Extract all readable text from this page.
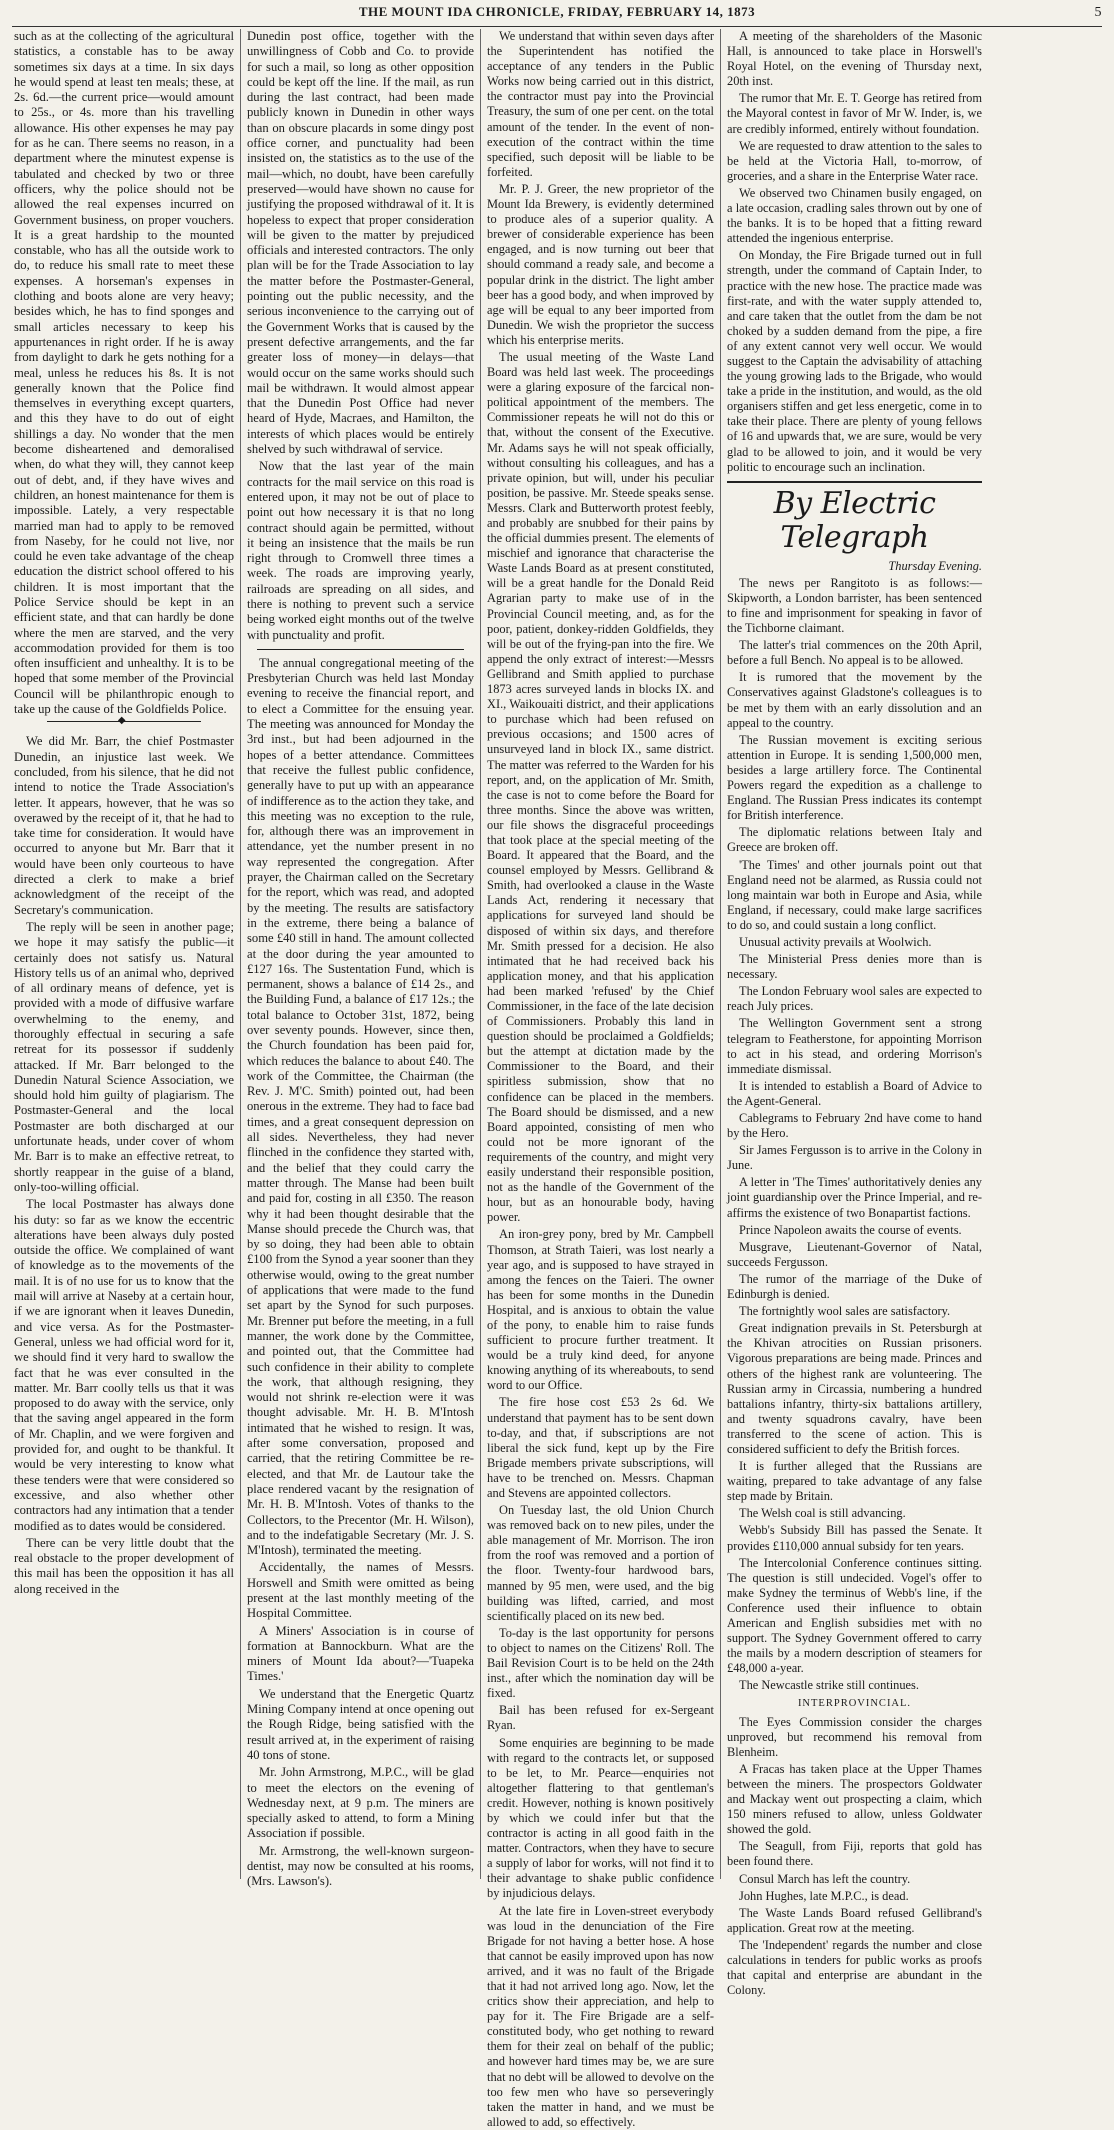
THE MOUNT IDA CHRONICLE, FRIDAY, FEBRUARY 14, 1873	5

such as at the collecting of the agricultural statistics, a constable has to be away sometimes six days at a time. In six days he would spend at least ten meals; these, at 2s. 6d.—the current price—would amount to 25s., or 4s. more than his travelling allowance. His other expenses he may pay for as he can. There seems no reason, in a department where the minutest expense is tabulated and checked by two or three officers, why the police should not be allowed the real expenses incurred on Government business, on proper vouchers. It is a great hardship to the mounted constable, who has all the outside work to do, to reduce his small rate to meet these expenses. A horseman's expenses in clothing and boots alone are very heavy; besides which, he has to find sponges and small articles necessary to keep his appurtenances in right order. If he is away from daylight to dark he gets nothing for a meal, unless he reduces his 8s. It is not generally known that the Police find themselves in everything except quarters, and this they have to do out of eight shillings a day. No wonder that the men become disheartened and demoralised when, do what they will, they cannot keep out of debt, and, if they have wives and children, an honest maintenance for them is impossible. Lately, a very respectable married man had to apply to be removed from Naseby, for he could not live, nor could he even take advantage of the cheap education the district school offered to his children. It is most important that the Police Service should be kept in an efficient state, and that can hardly be done where the men are starved, and the very accommodation provided for them is too often insufficient and unhealthy. It is to be hoped that some member of the Provincial Council will be philanthropic enough to take up the cause of the Goldfields Police.

◆

We did Mr. Barr, the chief Postmaster Dunedin, an injustice last week. We concluded, from his silence, that he did not intend to notice the Trade Association's letter. It appears, however, that he was so overawed by the receipt of it, that he had to take time for consideration. It would have occurred to anyone but Mr. Barr that it would have been only courteous to have directed a clerk to make a brief acknowledgment of the receipt of the Secretary's communication.

The reply will be seen in another page; we hope it may satisfy the public—it certainly does not satisfy us. Natural History tells us of an animal who, deprived of all ordinary means of defence, yet is provided with a mode of diffusive warfare overwhelming to the enemy, and thoroughly effectual in securing a safe retreat for its possessor if suddenly attacked. If Mr. Barr belonged to the Dunedin Natural Science Association, we should hold him guilty of plagiarism. The Postmaster-General and the local Postmaster are both discharged at our unfortunate heads, under cover of whom Mr. Barr is to make an effective retreat, to shortly reappear in the guise of a bland, only-too-willing official.

The local Postmaster has always done his duty: so far as we know the eccentric alterations have been always duly posted outside the office. We complained of want of knowledge as to the movements of the mail. It is of no use for us to know that the mail will arrive at Naseby at a certain hour, if we are ignorant when it leaves Dunedin, and vice versa. As for the Postmaster-General, unless we had official word for it, we should find it very hard to swallow the fact that he was ever consulted in the matter. Mr. Barr coolly tells us that it was proposed to do away with the service, only that the saving angel appeared in the form of Mr. Chaplin, and we were forgiven and provided for, and ought to be thankful. It would be very interesting to know what these tenders were that were considered so excessive, and also whether other contractors had any intimation that a tender modified as to dates would be considered.

There can be very little doubt that the real obstacle to the proper development of this mail has been the opposition it has all along received in the

Dunedin post office, together with the unwillingness of Cobb and Co. to provide for such a mail, so long as other opposition could be kept off the line. If the mail, as run during the last contract, had been made publicly known in Dunedin in other ways than on obscure placards in some dingy post office corner, and punctuality had been insisted on, the statistics as to the use of the mail—which, no doubt, have been carefully preserved—would have shown no cause for justifying the proposed withdrawal of it. It is hopeless to expect that proper consideration will be given to the matter by prejudiced officials and interested contractors. The only plan will be for the Trade Association to lay the matter before the Postmaster-General, pointing out the public necessity, and the serious inconvenience to the carrying out of the Government Works that is caused by the present defective arrangements, and the far greater loss of money—in delays—that would occur on the same works should such mail be withdrawn. It would almost appear that the Dunedin Post Office had never heard of Hyde, Macraes, and Hamilton, the interests of which places would be entirely shelved by such withdrawal of service.

Now that the last year of the main contracts for the mail service on this road is entered upon, it may not be out of place to point out how necessary it is that no long contract should again be permitted, without it being an insistence that the mails be run right through to Cromwell three times a week. The roads are improving yearly, railroads are spreading on all sides, and there is nothing to prevent such a service being worked eight months out of the twelve with punctuality and profit.

The annual congregational meeting of the Presbyterian Church was held last Monday evening to receive the financial report, and to elect a Committee for the ensuing year. The meeting was announced for Monday the 3rd inst., but had been adjourned in the hopes of a better attendance. Committees that receive the fullest public confidence, generally have to put up with an appearance of indifference as to the action they take, and this meeting was no exception to the rule, for, although there was an improvement in attendance, yet the number present in no way represented the congregation. After prayer, the Chairman called on the Secretary for the report, which was read, and adopted by the meeting. The results are satisfactory in the extreme, there being a balance of some £40 still in hand. The amount collected at the door during the year amounted to £127 16s. The Sustentation Fund, which is permanent, shows a balance of £14 2s., and the Building Fund, a balance of £17 12s.; the total balance to October 31st, 1872, being over seventy pounds. However, since then, the Church foundation has been paid for, which reduces the balance to about £40. The work of the Committee, the Chairman (the Rev. J. M'C. Smith) pointed out, had been onerous in the extreme. They had to face bad times, and a great consequent depression on all sides. Nevertheless, they had never flinched in the confidence they started with, and the belief that they could carry the matter through. The Manse had been built and paid for, costing in all £350. The reason why it had been thought desirable that the Manse should precede the Church was, that by so doing, they had been able to obtain £100 from the Synod a year sooner than they otherwise would, owing to the great number of applications that were made to the fund set apart by the Synod for such purposes. Mr. Brenner put before the meeting, in a full manner, the work done by the Committee, and pointed out, that the Committee had such confidence in their ability to complete the work, that although resigning, they would not shrink re-election were it was thought advisable. Mr. H. B. M'Intosh intimated that he wished to resign. It was, after some conversation, proposed and carried, that the retiring Committee be re-elected, and that Mr. de Lautour take the place rendered vacant by the resignation of Mr. H. B. M'Intosh. Votes of thanks to the Collectors, to the Precentor (Mr. H. Wilson), and to the indefatigable Secretary (Mr. J. S. M'Intosh), terminated the meeting.

Accidentally, the names of Messrs. Horswell and Smith were omitted as being present at the last monthly meeting of the Hospital Committee.

A Miners' Association is in course of formation at Bannockburn. What are the miners of Mount Ida about?—'Tuapeka Times.'

We understand that the Energetic Quartz Mining Company intend at once opening out the Rough Ridge, being satisfied with the result arrived at, in the experiment of raising 40 tons of stone.

Mr. John Armstrong, M.P.C., will be glad to meet the electors on the evening of Wednesday next, at 9 p.m. The miners are specially asked to attend, to form a Mining Association if possible.

Mr. Armstrong, the well-known surgeon-dentist, may now be consulted at his rooms, (Mrs. Lawson's).

We understand that within seven days after the Superintendent has notified the acceptance of any tenders in the Public Works now being carried out in this district, the contractor must pay into the Provincial Treasury, the sum of one per cent. on the total amount of the tender. In the event of non-execution of the contract within the time specified, such deposit will be liable to be forfeited.

Mr. P. J. Greer, the new proprietor of the Mount Ida Brewery, is evidently determined to produce ales of a superior quality. A brewer of considerable experience has been engaged, and is now turning out beer that should command a ready sale, and become a popular drink in the district. The light amber beer has a good body, and when improved by age will be equal to any beer imported from Dunedin. We wish the proprietor the success which his enterprise merits.

The usual meeting of the Waste Land Board was held last week. The proceedings were a glaring exposure of the farcical non-political appointment of the members. The Commissioner repeats he will not do this or that, without the consent of the Executive. Mr. Adams says he will not speak officially, without consulting his colleagues, and has a private opinion, but will, under his peculiar position, be passive. Mr. Steede speaks sense. Messrs. Clark and Butterworth protest feebly, and probably are snubbed for their pains by the official dummies present. The elements of mischief and ignorance that characterise the Waste Lands Board as at present constituted, will be a great handle for the Donald Reid Agrarian party to make use of in the Provincial Council meeting, and, as for the poor, patient, donkey-ridden Goldfields, they will be out of the frying-pan into the fire. We append the only extract of interest:—Messrs Gellibrand and Smith applied to purchase 1873 acres surveyed lands in blocks IX. and XI., Waikouaiti district, and their applications to purchase which had been refused on previous occasions; and 1500 acres of unsurveyed land in block IX., same district. The matter was referred to the Warden for his report, and, on the application of Mr. Smith, the case is not to come before the Board for three months. Since the above was written, our file shows the disgraceful proceedings that took place at the special meeting of the Board. It appeared that the Board, and the counsel employed by Messrs. Gellibrand & Smith, had overlooked a clause in the Waste Lands Act, rendering it necessary that applications for surveyed land should be disposed of within six days, and therefore Mr. Smith pressed for a decision. He also intimated that he had received back his application money, and that his application had been marked 'refused' by the Chief Commissioner, in the face of the late decision of Commissioners. Probably this land in question should be proclaimed a Goldfields; but the attempt at dictation made by the Commissioner to the Board, and their spiritless submission, show that no confidence can be placed in the members. The Board should be dismissed, and a new Board appointed, consisting of men who could not be more ignorant of the requirements of the country, and might very easily understand their responsible position, not as the handle of the Government of the hour, but as an honourable body, having power.

An iron-grey pony, bred by Mr. Campbell Thomson, at Strath Taieri, was lost nearly a year ago, and is supposed to have strayed in among the fences on the Taieri. The owner has been for some months in the Dunedin Hospital, and is anxious to obtain the value of the pony, to enable him to raise funds sufficient to procure further treatment. It would be a truly kind deed, for anyone knowing anything of its whereabouts, to send word to our Office.

The fire hose cost £53 2s 6d. We understand that payment has to be sent down to-day, and that, if subscriptions are not liberal the sick fund, kept up by the Fire Brigade members private subscriptions, will have to be trenched on. Messrs. Chapman and Stevens are appointed collectors.

On Tuesday last, the old Union Church was removed back on to new piles, under the able management of Mr. Morrison. The iron from the roof was removed and a portion of the floor. Twenty-four hardwood bars, manned by 95 men, were used, and the big building was lifted, carried, and most scientifically placed on its new bed.

To-day is the last opportunity for persons to object to names on the Citizens' Roll. The Bail Revision Court is to be held on the 24th inst., after which the nomination day will be fixed.

Bail has been refused for ex-Sergeant Ryan.

Some enquiries are beginning to be made with regard to the contracts let, or supposed to be let, to Mr. Pearce—enquiries not altogether flattering to that gentleman's credit. However, nothing is known positively by which we could infer but that the contractor is acting in all good faith in the matter. Contractors, when they have to secure a supply of labor for works, will not find it to their advantage to shake public confidence by injudicious delays.

At the late fire in Loven-street everybody was loud in the denunciation of the Fire Brigade for not having a better hose. A hose that cannot be easily improved upon has now arrived, and it was no fault of the Brigade that it had not arrived long ago. Now, let the critics show their appreciation, and help to pay for it. The Fire Brigade are a self-constituted body, who get nothing to reward them for their zeal on behalf of the public; and however hard times may be, we are sure that no debt will be allowed to devolve on the too few men who have so perseveringly taken the matter in hand, and we must be allowed to add, so effectively.

A meeting of the shareholders of the Masonic Hall, is announced to take place in Horswell's Royal Hotel, on the evening of Thursday next, 20th inst.

The rumor that Mr. E. T. George has retired from the Mayoral contest in favor of Mr W. Inder, is, we are credibly informed, entirely without foundation.

We are requested to draw attention to the sales to be held at the Victoria Hall, to-morrow, of groceries, and a share in the Enterprise Water race.

We observed two Chinamen busily engaged, on a late occasion, cradling sales thrown out by one of the banks. It is to be hoped that a fitting reward attended the ingenious enterprise.

On Monday, the Fire Brigade turned out in full strength, under the command of Captain Inder, to practice with the new hose. The practice made was first-rate, and with the water supply attended to, and care taken that the outlet from the dam be not choked by a sudden demand from the pipe, a fire of any extent cannot very well occur. We would suggest to the Captain the advisability of attaching the young growing lads to the Brigade, who would take a pride in the institution, and would, as the old organisers stiffen and get less energetic, come in to take their place. There are plenty of young fellows of 16 and upwards that, we are sure, would be very glad to be allowed to join, and it would be very politic to encourage such an inclination.

By Electric Telegraph
Thursday Evening.

The news per Rangitoto is as follows:—Skipworth, a London barrister, has been sentenced to fine and imprisonment for speaking in favor of the Tichborne claimant.

The latter's trial commences on the 20th April, before a full Bench. No appeal is to be allowed.

It is rumored that the movement by the Conservatives against Gladstone's colleagues is to be met by them with an early dissolution and an appeal to the country.

The Russian movement is exciting serious attention in Europe. It is sending 1,500,000 men, besides a large artillery force. The Continental Powers regard the expedition as a challenge to England. The Russian Press indicates its contempt for British interference.

The diplomatic relations between Italy and Greece are broken off.

'The Times' and other journals point out that England need not be alarmed, as Russia could not long maintain war both in Europe and Asia, while England, if necessary, could make large sacrifices to do so, and could sustain a long conflict.

Unusual activity prevails at Woolwich.

The Ministerial Press denies more than is necessary.

The London February wool sales are expected to reach July prices.

The Wellington Government sent a strong telegram to Featherstone, for appointing Morrison to act in his stead, and ordering Morrison's immediate dismissal.

It is intended to establish a Board of Advice to the Agent-General.

Cablegrams to February 2nd have come to hand by the Hero.

Sir James Fergusson is to arrive in the Colony in June.

A letter in 'The Times' authoritatively denies any joint guardianship over the Prince Imperial, and re-affirms the existence of two Bonapartist factions.

Prince Napoleon awaits the course of events.

Musgrave, Lieutenant-Governor of Natal, succeeds Fergusson.

The rumor of the marriage of the Duke of Edinburgh is denied.

The fortnightly wool sales are satisfactory.

Great indignation prevails in St. Petersburgh at the Khivan atrocities on Russian prisoners. Vigorous preparations are being made. Princes and others of the highest rank are volunteering. The Russian army in Circassia, numbering a hundred battalions infantry, thirty-six battalions artillery, and twenty squadrons cavalry, have been transferred to the scene of action. This is considered sufficient to defy the British forces.

It is further alleged that the Russians are waiting, prepared to take advantage of any false step made by Britain.

The Welsh coal is still advancing.

Webb's Subsidy Bill has passed the Senate. It provides £110,000 annual subsidy for ten years.

The Intercolonial Conference continues sitting. The question is still undecided. Vogel's offer to make Sydney the terminus of Webb's line, if the Conference used their influence to obtain American and English subsidies met with no support. The Sydney Government offered to carry the mails by a modern description of steamers for £48,000 a-year.

The Newcastle strike still continues.

INTERPROVINCIAL.

The Eyes Commission consider the charges unproved, but recommend his removal from Blenheim.

A Fracas has taken place at the Upper Thames between the miners. The prospectors Goldwater and Mackay went out prospecting a claim, which 150 miners refused to allow, unless Goldwater showed the gold.

The Seagull, from Fiji, reports that gold has been found there.

Consul March has left the country.

John Hughes, late M.P.C., is dead.

The Waste Lands Board refused Gellibrand's application. Great row at the meeting.

The 'Independent' regards the number and close calculations in tenders for public works as proofs that capital and enterprise are abundant in the Colony.
